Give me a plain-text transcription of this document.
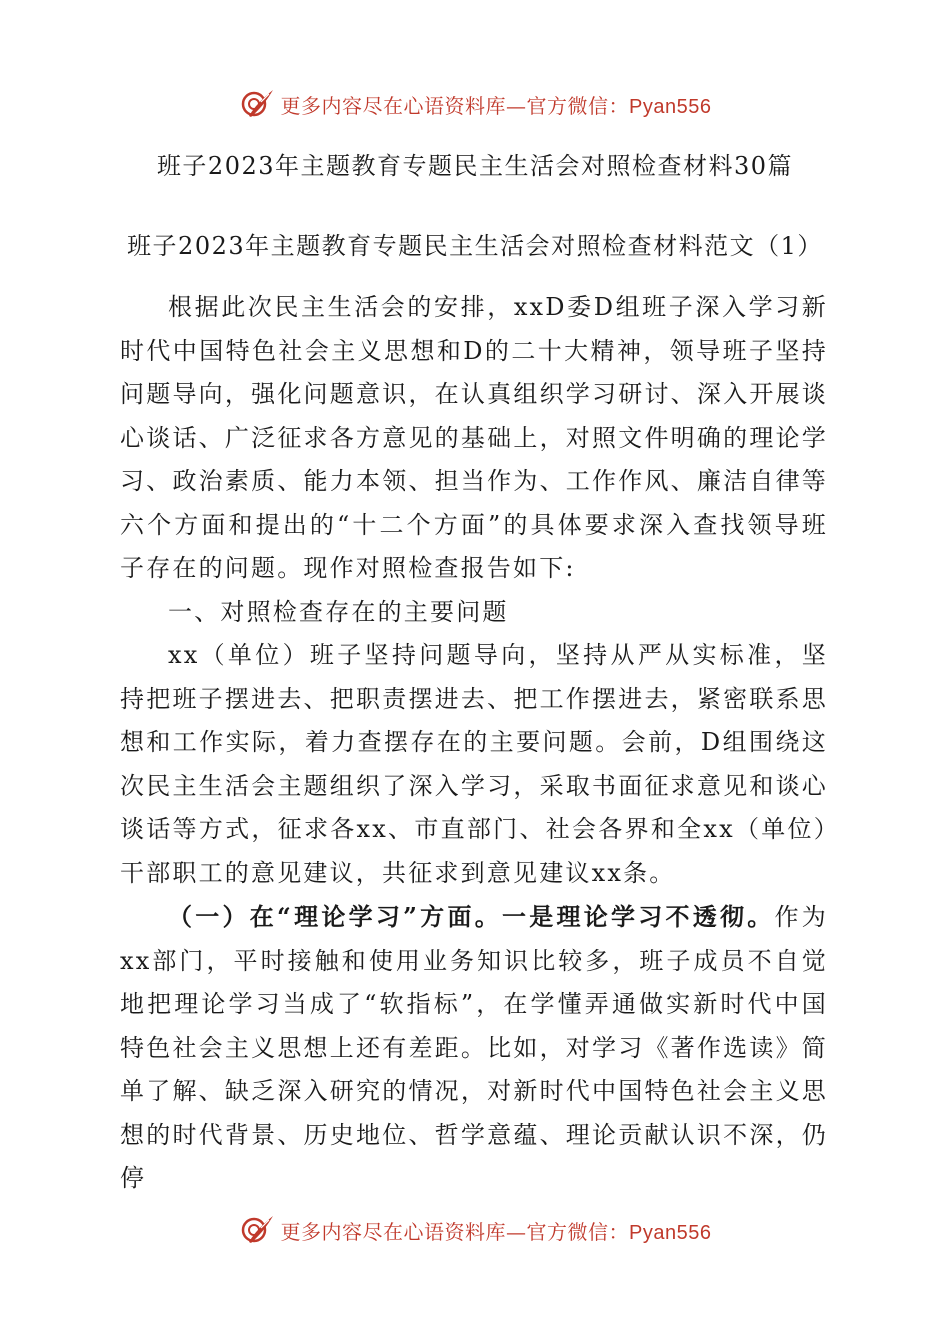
更多内容尽在心语资料库—官方微信：Pyan556
班子2023年主题教育专题民主生活会对照检查材料30篇
班子2023年主题教育专题民主生活会对照检查材料范文（1）

根据此次民主生活会的安排，xxD委D组班子深入学习新时代中国特色社会主义思想和D的二十大精神，领导班子坚持问题导向，强化问题意识，在认真组织学习研讨、深入开展谈心谈话、广泛征求各方意见的基础上，对照文件明确的理论学习、政治素质、能力本领、担当作为、工作作风、廉洁自律等六个方面和提出的“十二个方面”的具体要求深入查找领导班子存在的问题。现作对照检查报告如下:

一、对照检查存在的主要问题

xx（单位）班子坚持问题导向，坚持从严从实标准，坚持把班子摆进去、把职责摆进去、把工作摆进去，紧密联系思想和工作实际，着力查摆存在的主要问题。会前，D组围绕这次民主生活会主题组织了深入学习，采取书面征求意见和谈心谈话等方式，征求各xx、市直部门、社会各界和全xx（单位）干部职工的意见建议，共征求到意见建议xx条。

（一）在“理论学习”方面。一是理论学习不透彻。作为xx部门，平时接触和使用业务知识比较多，班子成员不自觉地把理论学习当成了“软指标”，在学懂弄通做实新时代中国特色社会主义思想上还有差距。比如，对学习《著作选读》简单了解、缺乏深入研究的情况，对新时代中国特色社会主义思想的时代背景、历史地位、哲学意蕴、理论贡献认识不深，仍停

更多内容尽在心语资料库—官方微信：Pyan556
